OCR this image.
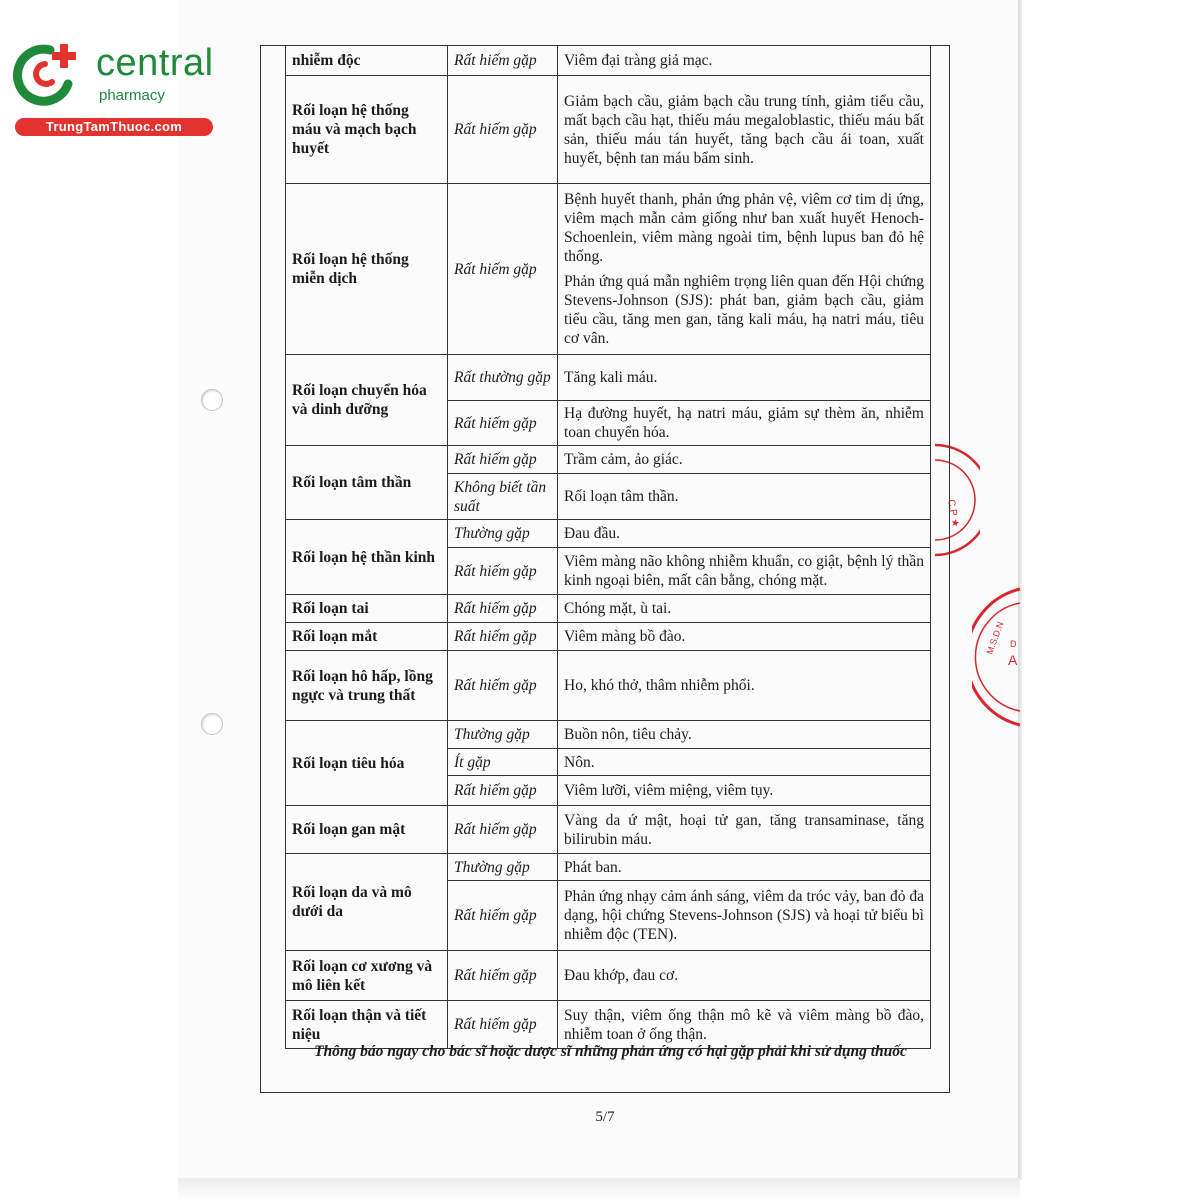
central
pharmacy
TrungTamThuoc.com
C.P ★
M.S.D.N
A
D
nhiễm độc	Rất hiếm gặp	Viêm đại tràng giả mạc.

Rối loạn hệ thống máu và mạch bạch huyết	Rất hiếm gặp	Giảm bạch cầu, giảm bạch cầu trung tính, giảm tiểu cầu, mất bạch cầu hạt, thiếu máu megaloblastic, thiếu máu bất sản, thiếu máu tán huyết, tăng bạch cầu ái toan, xuất huyết, bệnh tan máu bẩm sinh.

Rối loạn hệ thống miễn dịch	Rất hiếm gặp	Bệnh huyết thanh, phản ứng phản vệ, viêm cơ tim dị ứng, viêm mạch mẫn cảm giống như ban xuất huyết Henoch-Schoenlein, viêm màng ngoài tim, bệnh lupus ban đỏ hệ thống.

Phản ứng quá mẫn nghiêm trọng liên quan đến Hội chứng Stevens-Johnson (SJS): phát ban, giảm bạch cầu, giảm tiểu cầu, tăng men gan, tăng kali máu, hạ natri máu, tiêu cơ vân.

Rối loạn chuyển hóa và dinh dưỡng	Rất thường gặp	Tăng kali máu.

	Rất hiếm gặp	Hạ đường huyết, hạ natri máu, giảm sự thèm ăn, nhiễm toan chuyển hóa.

Rối loạn tâm thần	Rất hiếm gặp	Trầm cảm, ảo giác.

	Không biết tần suất	Rối loạn tâm thần.

Rối loạn hệ thần kinh	Thường gặp	Đau đầu.

	Rất hiếm gặp	Viêm màng não không nhiễm khuẩn, co giật, bệnh lý thần kinh ngoại biên, mất cân bằng, chóng mặt.

Rối loạn tai	Rất hiếm gặp	Chóng mặt, ù tai.

Rối loạn mắt	Rất hiếm gặp	Viêm màng bồ đào.

Rối loạn hô hấp, lồng ngực và trung thất	Rất hiếm gặp	Ho, khó thở, thâm nhiễm phổi.

Rối loạn tiêu hóa	Thường gặp	Buồn nôn, tiêu chảy.

	Ít gặp	Nôn.

	Rất hiếm gặp	Viêm lưỡi, viêm miệng, viêm tụy.

Rối loạn gan mật	Rất hiếm gặp	Vàng da ứ mật, hoại tử gan, tăng transaminase, tăng bilirubin máu.

Rối loạn da và mô dưới da	Thường gặp	Phát ban.

	Rất hiếm gặp	Phản ứng nhạy cảm ánh sáng, viêm da tróc vảy, ban đỏ đa dạng, hội chứng Stevens-Johnson (SJS) và hoại tử biểu bì nhiễm độc (TEN).

Rối loạn cơ xương và mô liên kết	Rất hiếm gặp	Đau khớp, đau cơ.

Rối loạn thận và tiết niệu	Rất hiếm gặp	Suy thận, viêm ống thận mô kẽ và viêm màng bồ đào, nhiễm toan ở ống thận.

Thông báo ngay cho bác sĩ hoặc dược sĩ những phản ứng có hại gặp phải khi sử dụng thuốc
5/7
